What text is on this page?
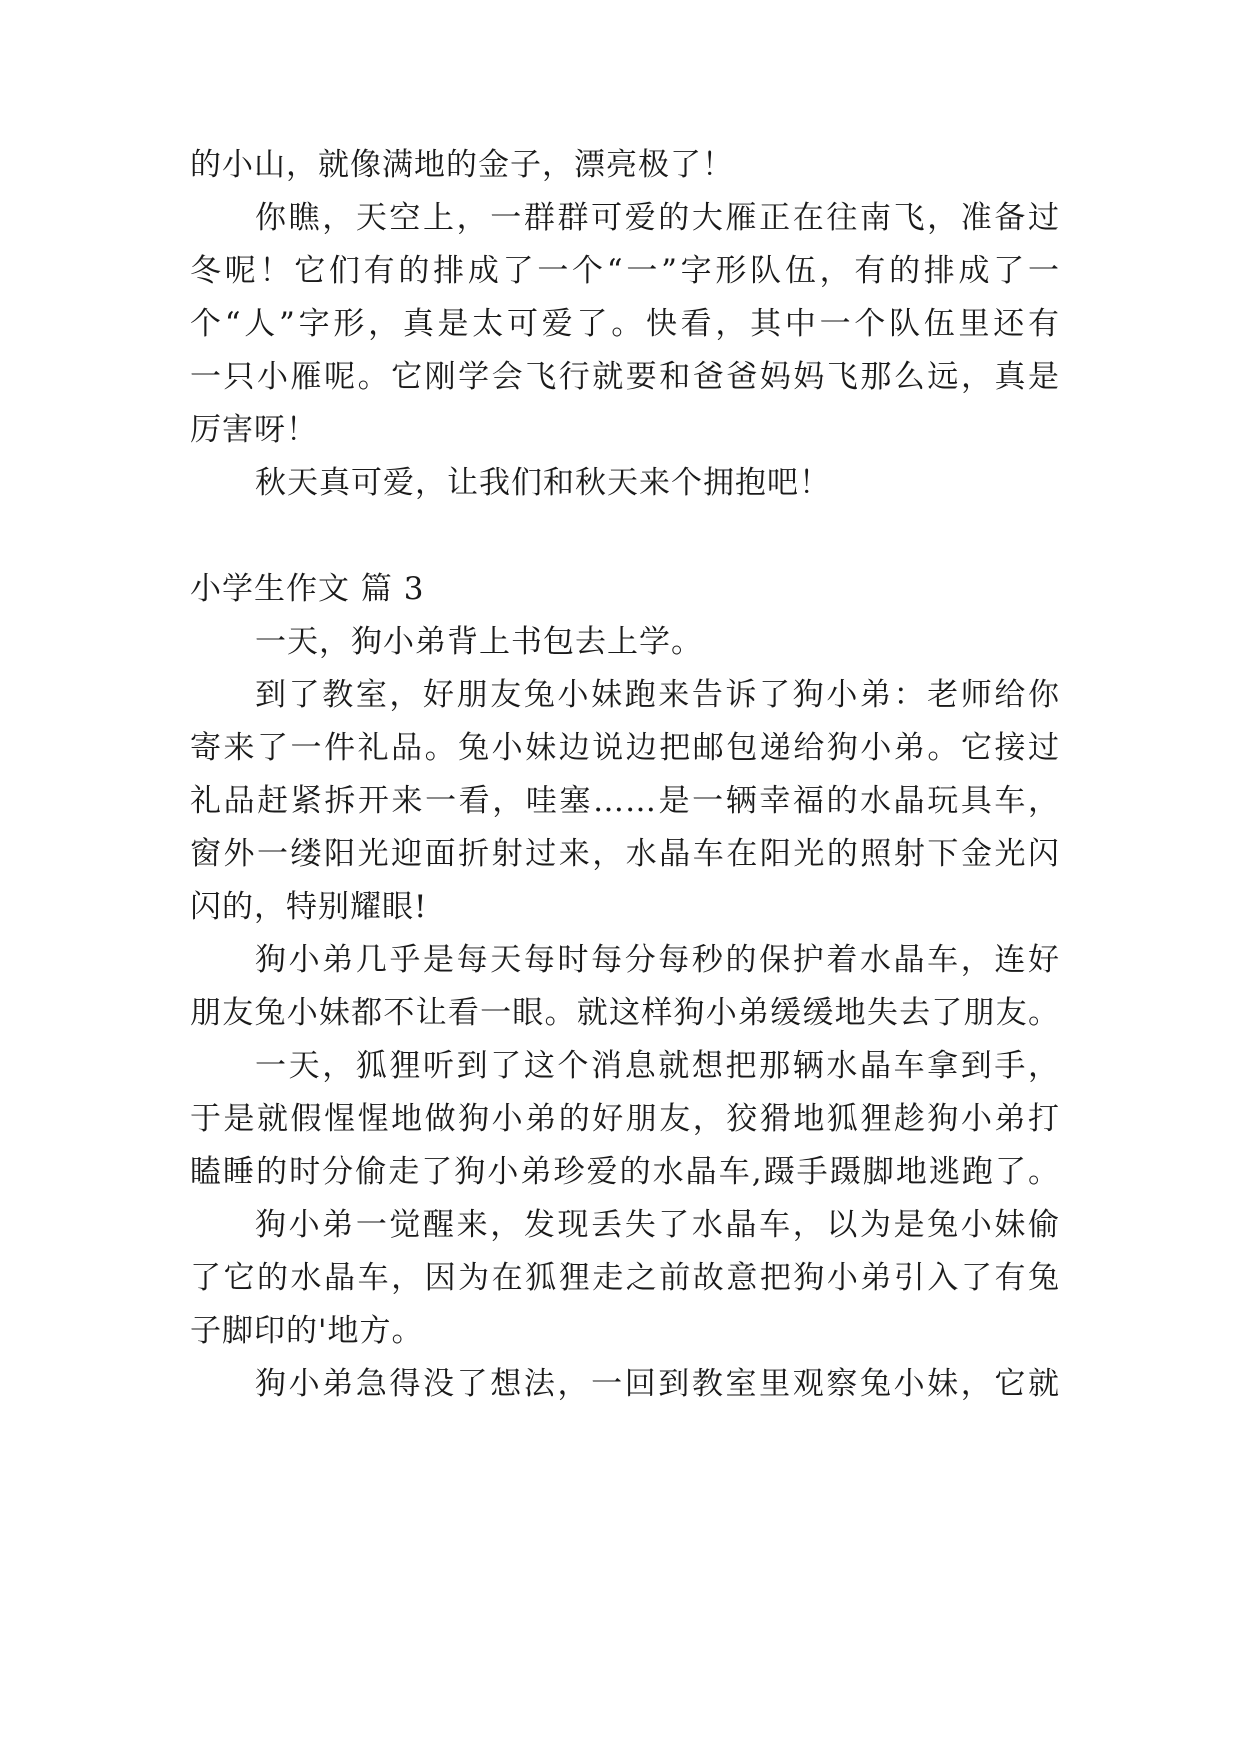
的小山，就像满地的金子，漂亮极了！
你瞧，天空上，一群群可爱的大雁正在往南飞，准备过
冬呢！它们有的排成了一个“一”字形队伍，有的排成了一
个“人”字形，真是太可爱了。快看，其中一个队伍里还有
一只小雁呢。它刚学会飞行就要和爸爸妈妈飞那么远，真是
厉害呀！
秋天真可爱，让我们和秋天来个拥抱吧！
小学生作文 篇 3
一天，狗小弟背上书包去上学。
到了教室，好朋友兔小妹跑来告诉了狗小弟：老师给你
寄来了一件礼品。兔小妹边说边把邮包递给狗小弟。它接过
礼品赶紧拆开来一看，哇塞……是一辆幸福的水晶玩具车，
窗外一缕阳光迎面折射过来，水晶车在阳光的照射下金光闪
闪的，特别耀眼!
狗小弟几乎是每天每时每分每秒的保护着水晶车，连好
朋友兔小妹都不让看一眼。就这样狗小弟缓缓地失去了朋友。
一天，狐狸听到了这个消息就想把那辆水晶车拿到手，
于是就假惺惺地做狗小弟的好朋友，狡猾地狐狸趁狗小弟打
瞌睡的时分偷走了狗小弟珍爱的水晶车,蹑手蹑脚地逃跑了。
狗小弟一觉醒来，发现丢失了水晶车，以为是兔小妹偷
了它的水晶车，因为在狐狸走之前故意把狗小弟引入了有兔
子脚印的'地方。
狗小弟急得没了想法，一回到教室里观察兔小妹，它就
